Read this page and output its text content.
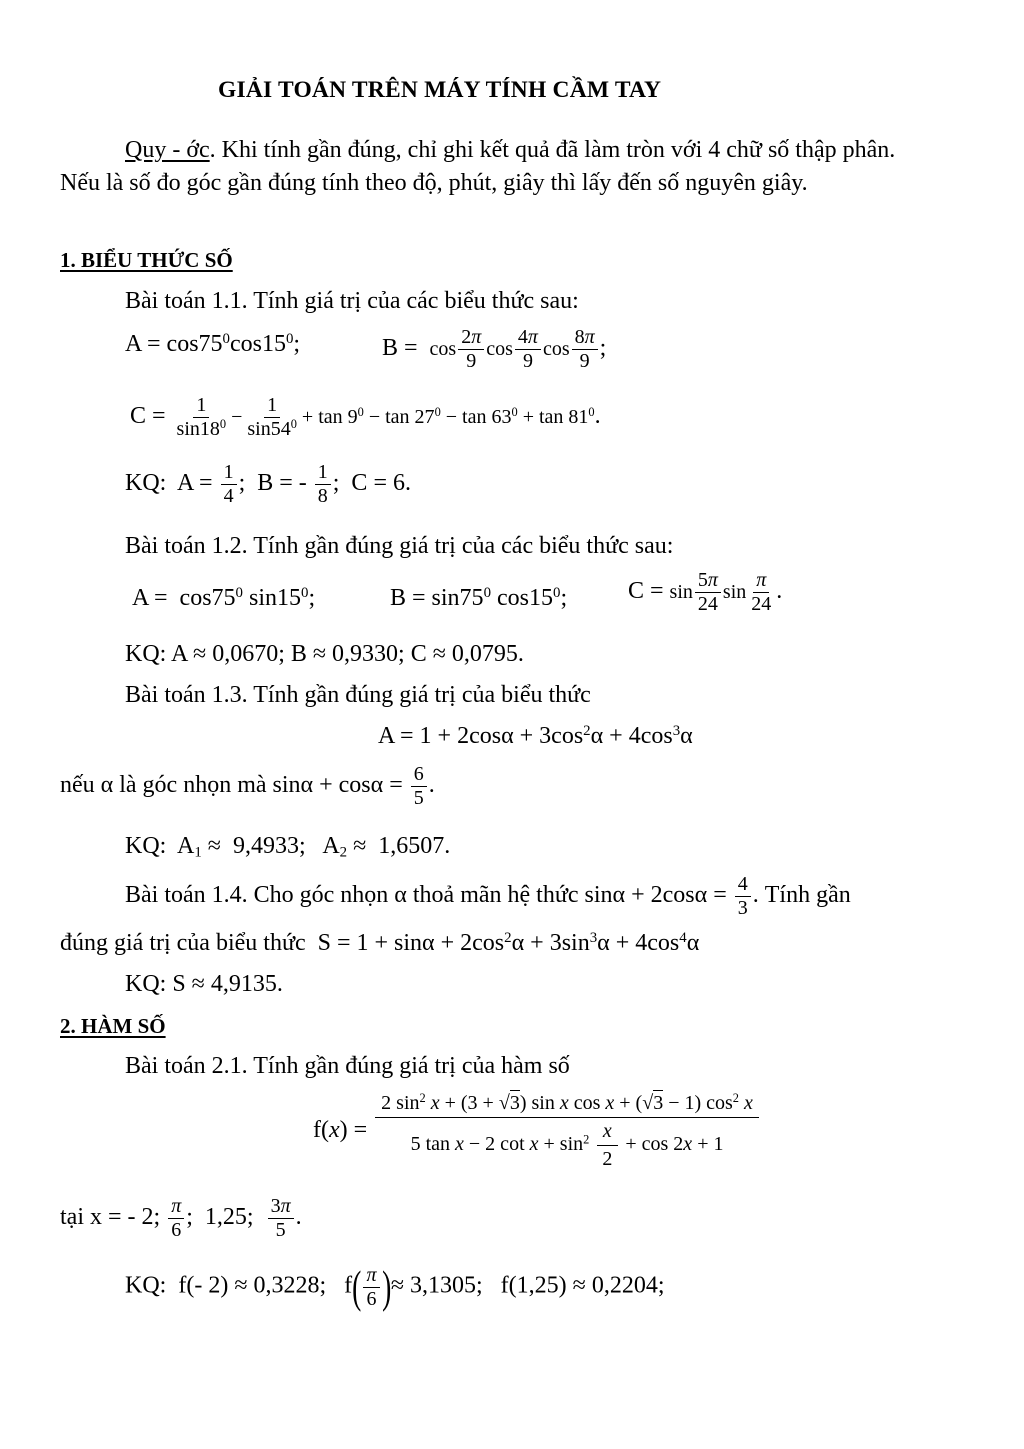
GIẢI TOÁN TRÊN MÁY TÍNH CẦM TAY
Quy - ớc. Khi tính gần đúng, chỉ ghi kết quả đã làm tròn với 4 chữ số thập phân.
Nếu là số đo góc gần đúng tính theo độ, phút, giây thì lấy đến số nguyên giây.
1. BIỂU THỨC SỐ
Bài toán 1.1. Tính giá trị của các biểu thức sau:
$A = \cos 75^0\cos 15^0$;	$B = \cos \frac{2\pi}{9}$ $\cos \frac{4\pi}{9}$ $\cos \frac{8\pi}{9}$ ;
$C = \frac{1}{\sin 18^0} - \frac{1}{\sin 54^0} + \tan 9^0 - \tan 27^0 - \tan 63^0 + \tan 81^0$.
KQ:  $A = \frac{1}{4}$ ;  B = - $\frac{1}{8}$ ;  C = 6.
Bài toán 1.2. Tính gần đúng giá trị của các biểu thức sau:
$A = \cos 75^0$ $\sin 15^0$;	$B = \sin 75^0$ $\cos 15^0$;	$C = \sin \frac{5\pi}{24}$ $\sin \frac{\pi}{24}$ .
KQ: A ≈ 0,0670; B ≈ 0,9330; C ≈ 0,0795.
Bài toán 1.3. Tính gần đúng giá trị của biểu thức
$A = 1 + 2\cos\alpha + 3\cos^2\alpha + 4\cos^3\alpha$
nếu α là góc nhọn mà $\sin\alpha + \cos\alpha = \frac{6}{5}$ .
KQ:  $A_1 \approx 9,4933$;   $A_2 \approx 1,6507$.
Bài toán 1.4. Cho góc nhọn α thoả mãn hệ thức $\sin\alpha + 2\cos\alpha = \frac{4}{3}$ . Tính gần
đúng giá trị của biểu thức  $S = 1 + \sin\alpha + 2\cos^2\alpha + 3\sin^3\alpha + 4\cos^4\alpha$
KQ: S ≈ 4,9135.
2. HÀM SỐ
Bài toán 2.1. Tính gần đúng giá trị của hàm số
$f(x) = \frac{2 \sin^2 x + (3 + √3) \sin x \cos x + (√3 - 1) \cos^2 x}{5 \tan x - 2 \cot x + \sin^2 \frac{x}{2} + \cos 2x + 1}$
tại x = - 2; $\frac{\pi}{6}$ ;  1,25; $\frac{3\pi}{5}$ .
KQ:  f(- 2) ≈ 0,3228;   $f( \frac{\pi}{6}$ )≈ 3,1305;   f(1,25) ≈ 0,2204;
